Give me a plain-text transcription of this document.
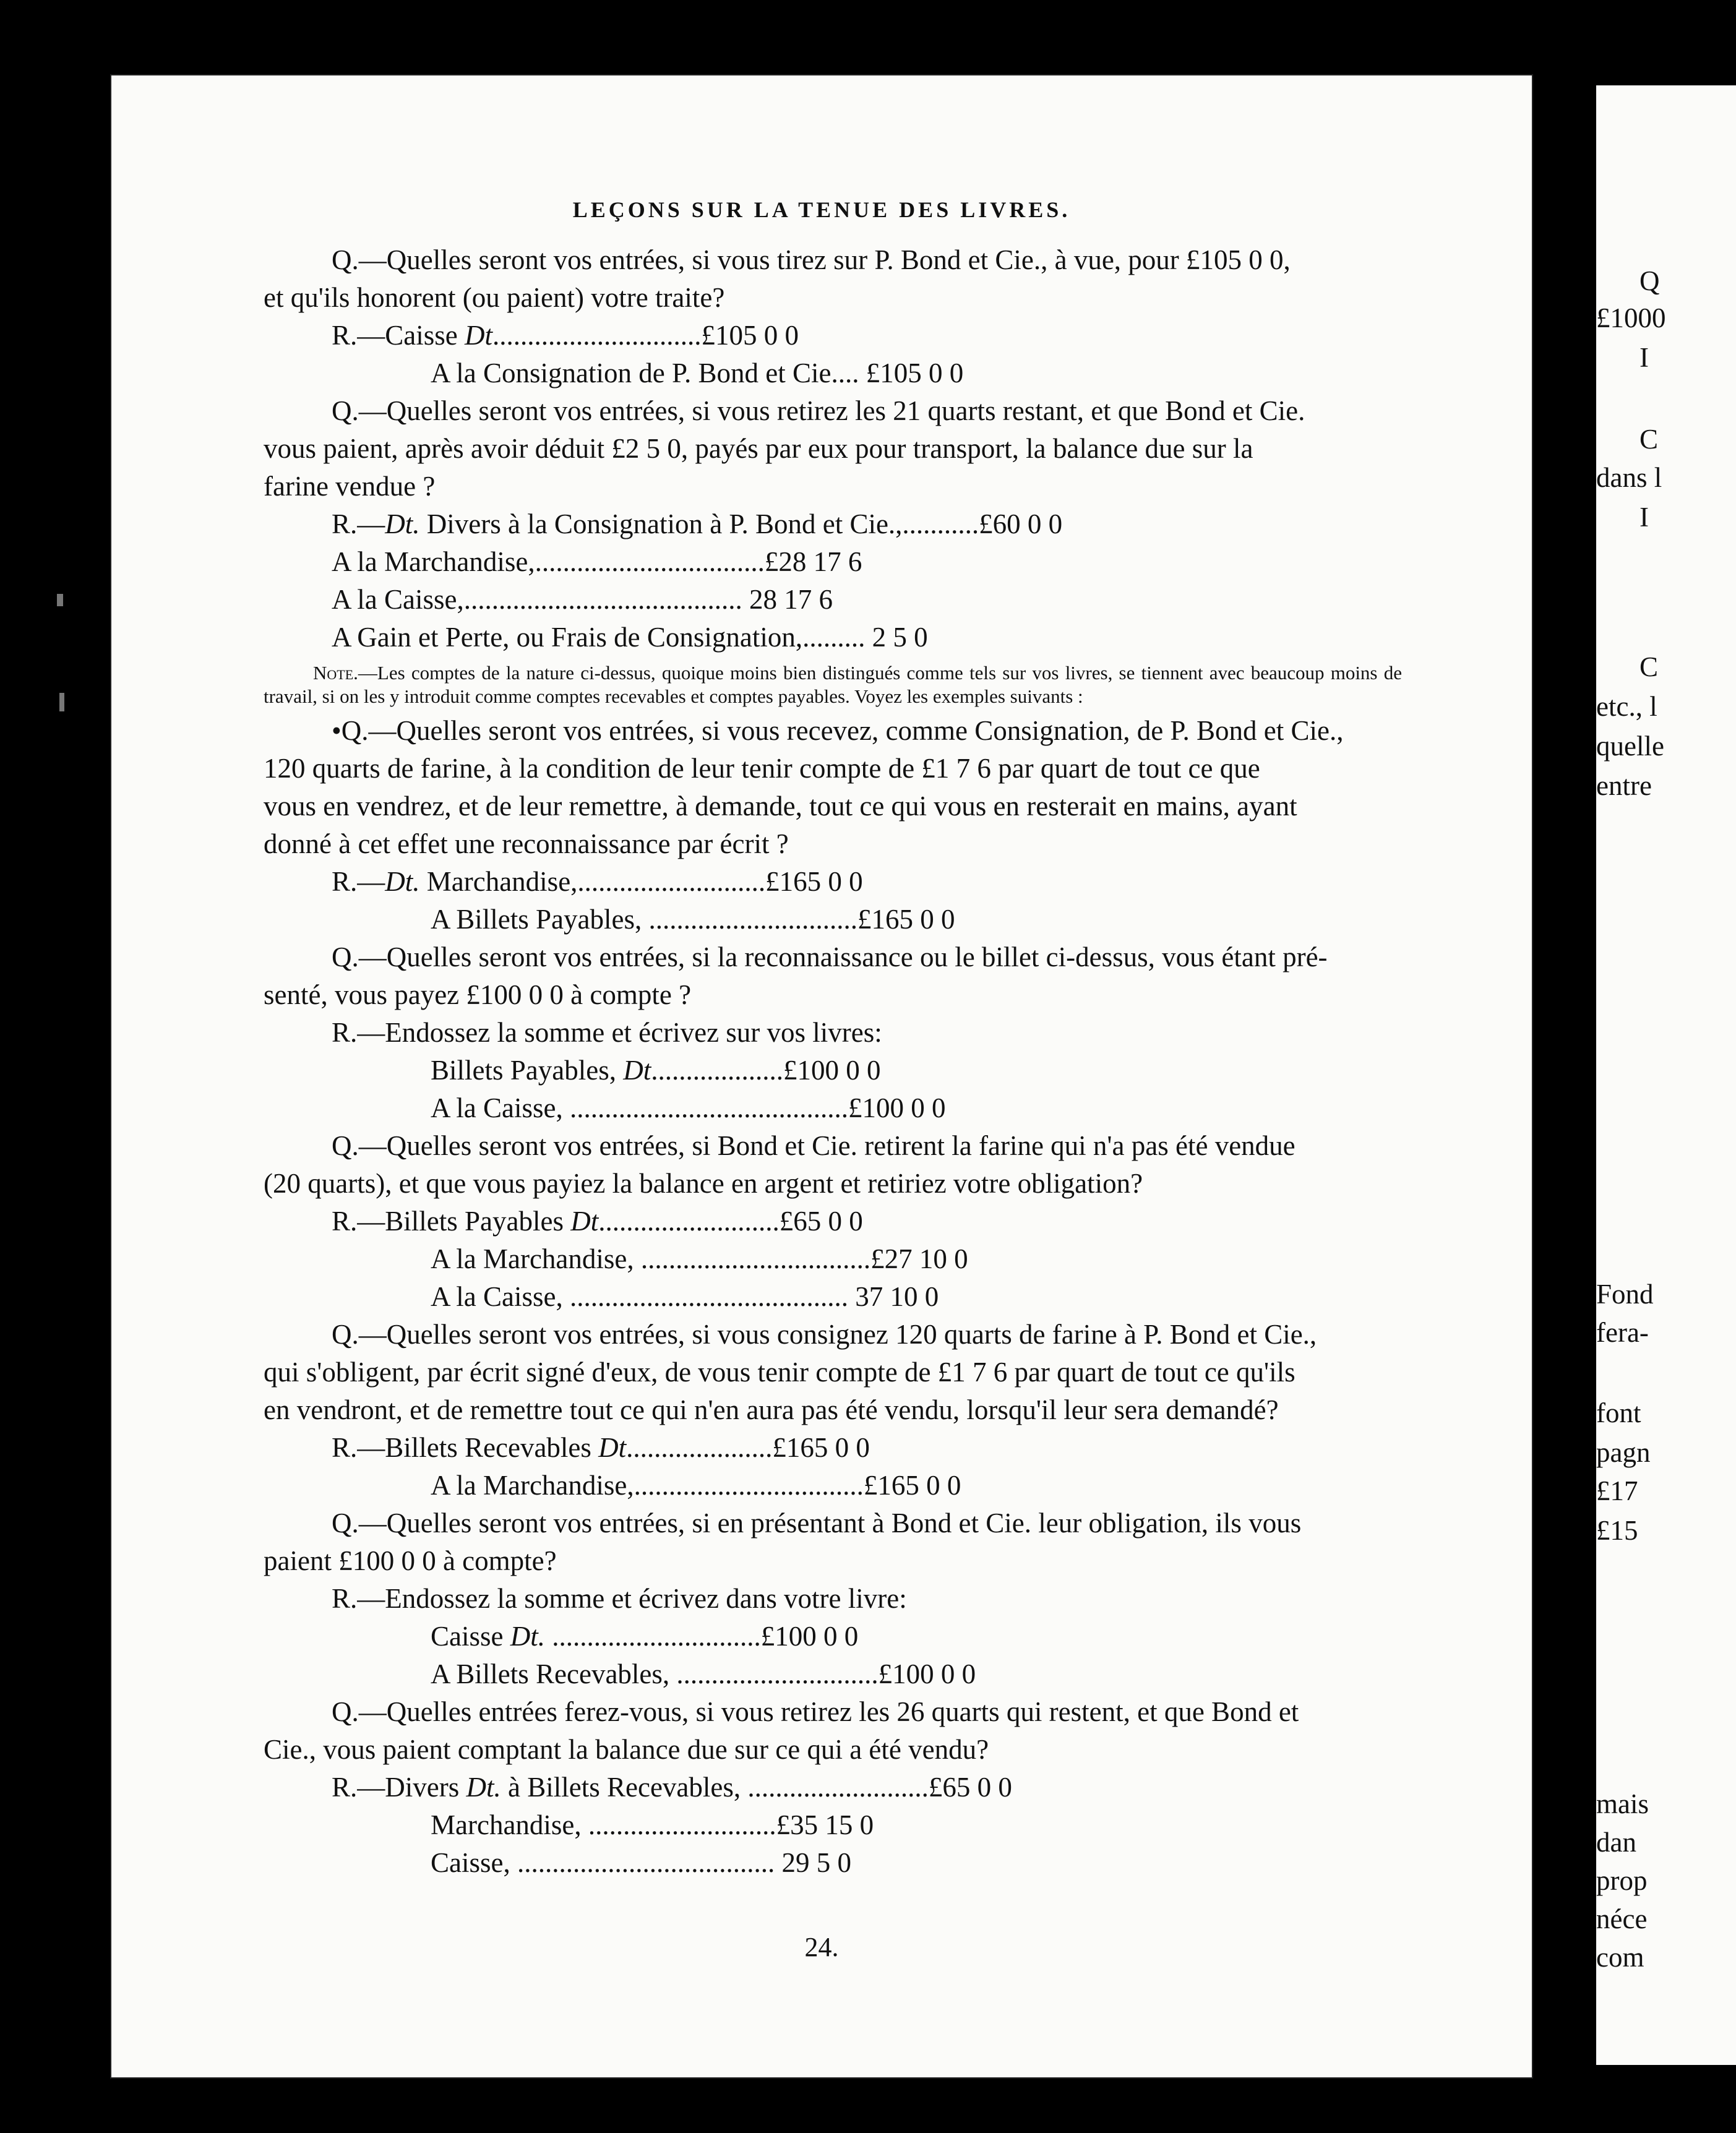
LEÇONS SUR LA TENUE DES LIVRES.

Q.—Quelles seront vos entrées, si vous tirez sur P. Bond et Cie., à vue, pour £105 0 0,

et qu'ils honorent (ou paient) votre traite?

R.—Caisse Dt..............................£105 0 0

A la Consignation de P. Bond et Cie.... £105 0 0

Q.—Quelles seront vos entrées, si vous retirez les 21 quarts restant, et que Bond et Cie.

vous paient, après avoir déduit £2 5 0, payés par eux pour transport, la balance due sur la

farine vendue ?

R.—Dt. Divers à la Consignation à P. Bond et Cie.,...........£60 0 0

A la Marchandise,.................................£28 17 6

A la Caisse,........................................ 28 17 6

A Gain et Perte, ou Frais de Consignation,......... 2 5 0

Note.—Les comptes de la nature ci-dessus, quoique moins bien distingués comme tels sur vos livres, se tiennent avec beaucoup moins de travail, si on les y introduit comme comptes recevables et comptes payables. Voyez les exemples suivants :

•Q.—Quelles seront vos entrées, si vous recevez, comme Consignation, de P. Bond et Cie.,

120 quarts de farine, à la condition de leur tenir compte de £1 7 6 par quart de tout ce que

vous en vendrez, et de leur remettre, à demande, tout ce qui vous en resterait en mains, ayant

donné à cet effet une reconnaissance par écrit ?

R.—Dt. Marchandise,...........................£165 0 0

A Billets Payables, ..............................£165 0 0

Q.—Quelles seront vos entrées, si la reconnaissance ou le billet ci-dessus, vous étant pré-

senté, vous payez £100 0 0 à compte ?

R.—Endossez la somme et écrivez sur vos livres:

Billets Payables, Dt...................£100 0 0

A la Caisse, ........................................£100 0 0

Q.—Quelles seront vos entrées, si Bond et Cie. retirent la farine qui n'a pas été vendue

(20 quarts), et que vous payiez la balance en argent et retiriez votre obligation?

R.—Billets Payables Dt..........................£65 0 0

A la Marchandise, .................................£27 10 0

A la Caisse, ........................................ 37 10 0

Q.—Quelles seront vos entrées, si vous consignez 120 quarts de farine à P. Bond et Cie.,

qui s'obligent, par écrit signé d'eux, de vous tenir compte de £1 7 6 par quart de tout ce qu'ils

en vendront, et de remettre tout ce qui n'en aura pas été vendu, lorsqu'il leur sera demandé?

R.—Billets Recevables Dt.....................£165 0 0

A la Marchandise,.................................£165 0 0

Q.—Quelles seront vos entrées, si en présentant à Bond et Cie. leur obligation, ils vous

paient £100 0 0 à compte?

R.—Endossez la somme et écrivez dans votre livre:

Caisse Dt. ..............................£100 0 0

A Billets Recevables, .............................£100 0 0

Q.—Quelles entrées ferez-vous, si vous retirez les 26 quarts qui restent, et que Bond et

Cie., vous paient comptant la balance due sur ce qui a été vendu?

R.—Divers Dt. à Billets Recevables, ..........................£65 0 0

Marchandise, ...........................£35 15 0

Caisse, ..................................... 29 5 0

24.
Q
£1000
I
C
dans l
I
C
etc., l
quelle
entre
Fond
fera-
font
pagn
£17
£15
mais
dan
prop
néce
com
